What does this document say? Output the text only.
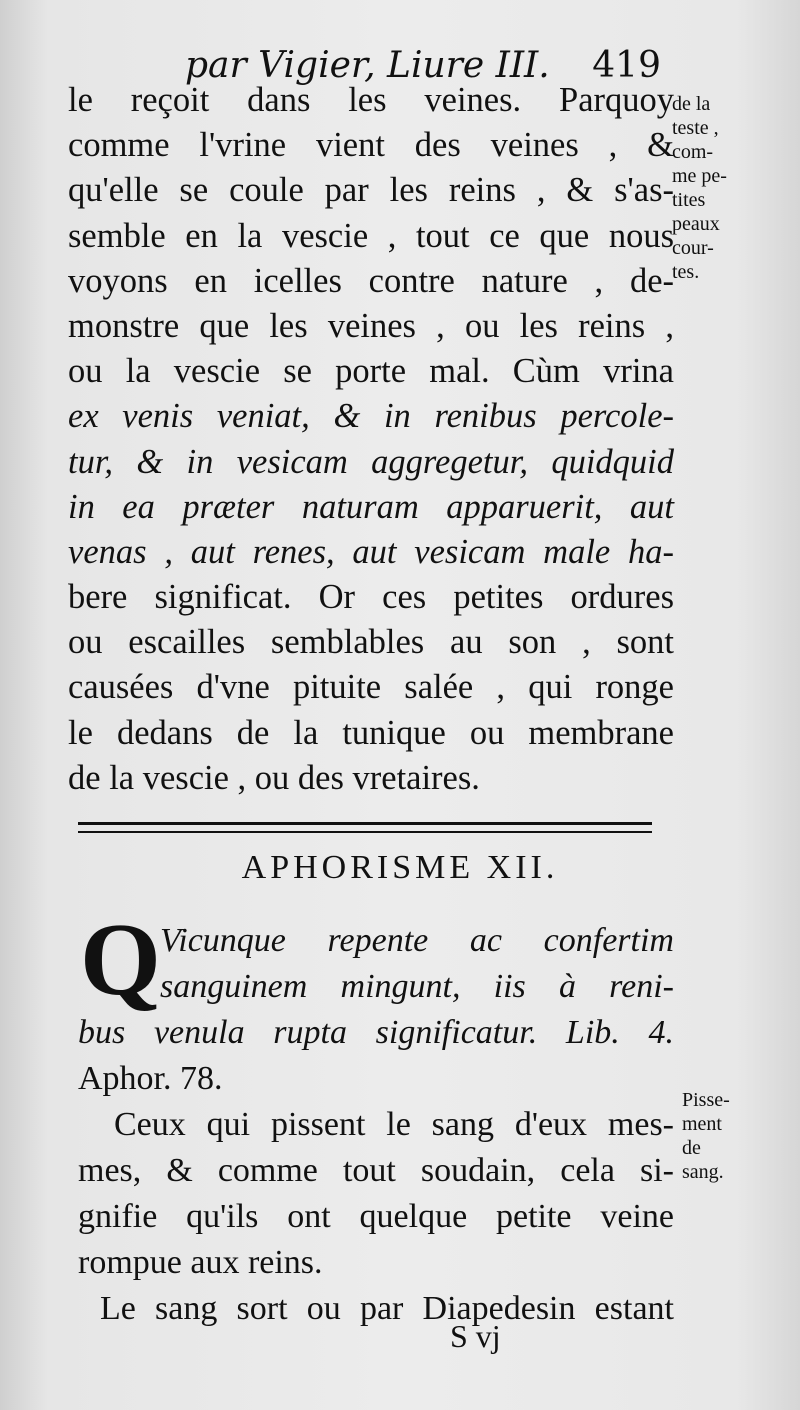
par Vigier, Liure III. 419
le reçoit dans les veines. Parquoy
comme l'vrine vient des veines , &
qu'elle se coule par les reins , & s'as-
semble en la vescie , tout ce que nous
voyons en icelles contre nature , de-
monstre que les veines , ou les reins ,
ou la vescie se porte mal. Cùm vrina
ex venis veniat, & in renibus percole-
tur, & in vesicam aggregetur, quidquid
in ea præter naturam apparuerit, aut
venas , aut renes, aut vesicam male ha-
bere significat. Or ces petites ordures
ou escailles semblables au son , sont
causées d'vne pituite salée , qui ronge
le dedans de la tunique ou membrane
de la vescie , ou des vretaires.
de la
teste ,
com-
me pe-
tites
peaux
cour-
tes.
APHORISME XII.
Q Vicunque repente ac confertim
sanguinem mingunt, iis à reni-
bus venula rupta significatur. Lib. 4.
Aphor. 78.
Ceux qui pissent le sang d'eux mes-
mes, & comme tout soudain, cela si-
gnifie qu'ils ont quelque petite veine
rompue aux reins.
Le sang sort ou par Diapedesin estant
Pisse-
ment
de
sang.
S vj
